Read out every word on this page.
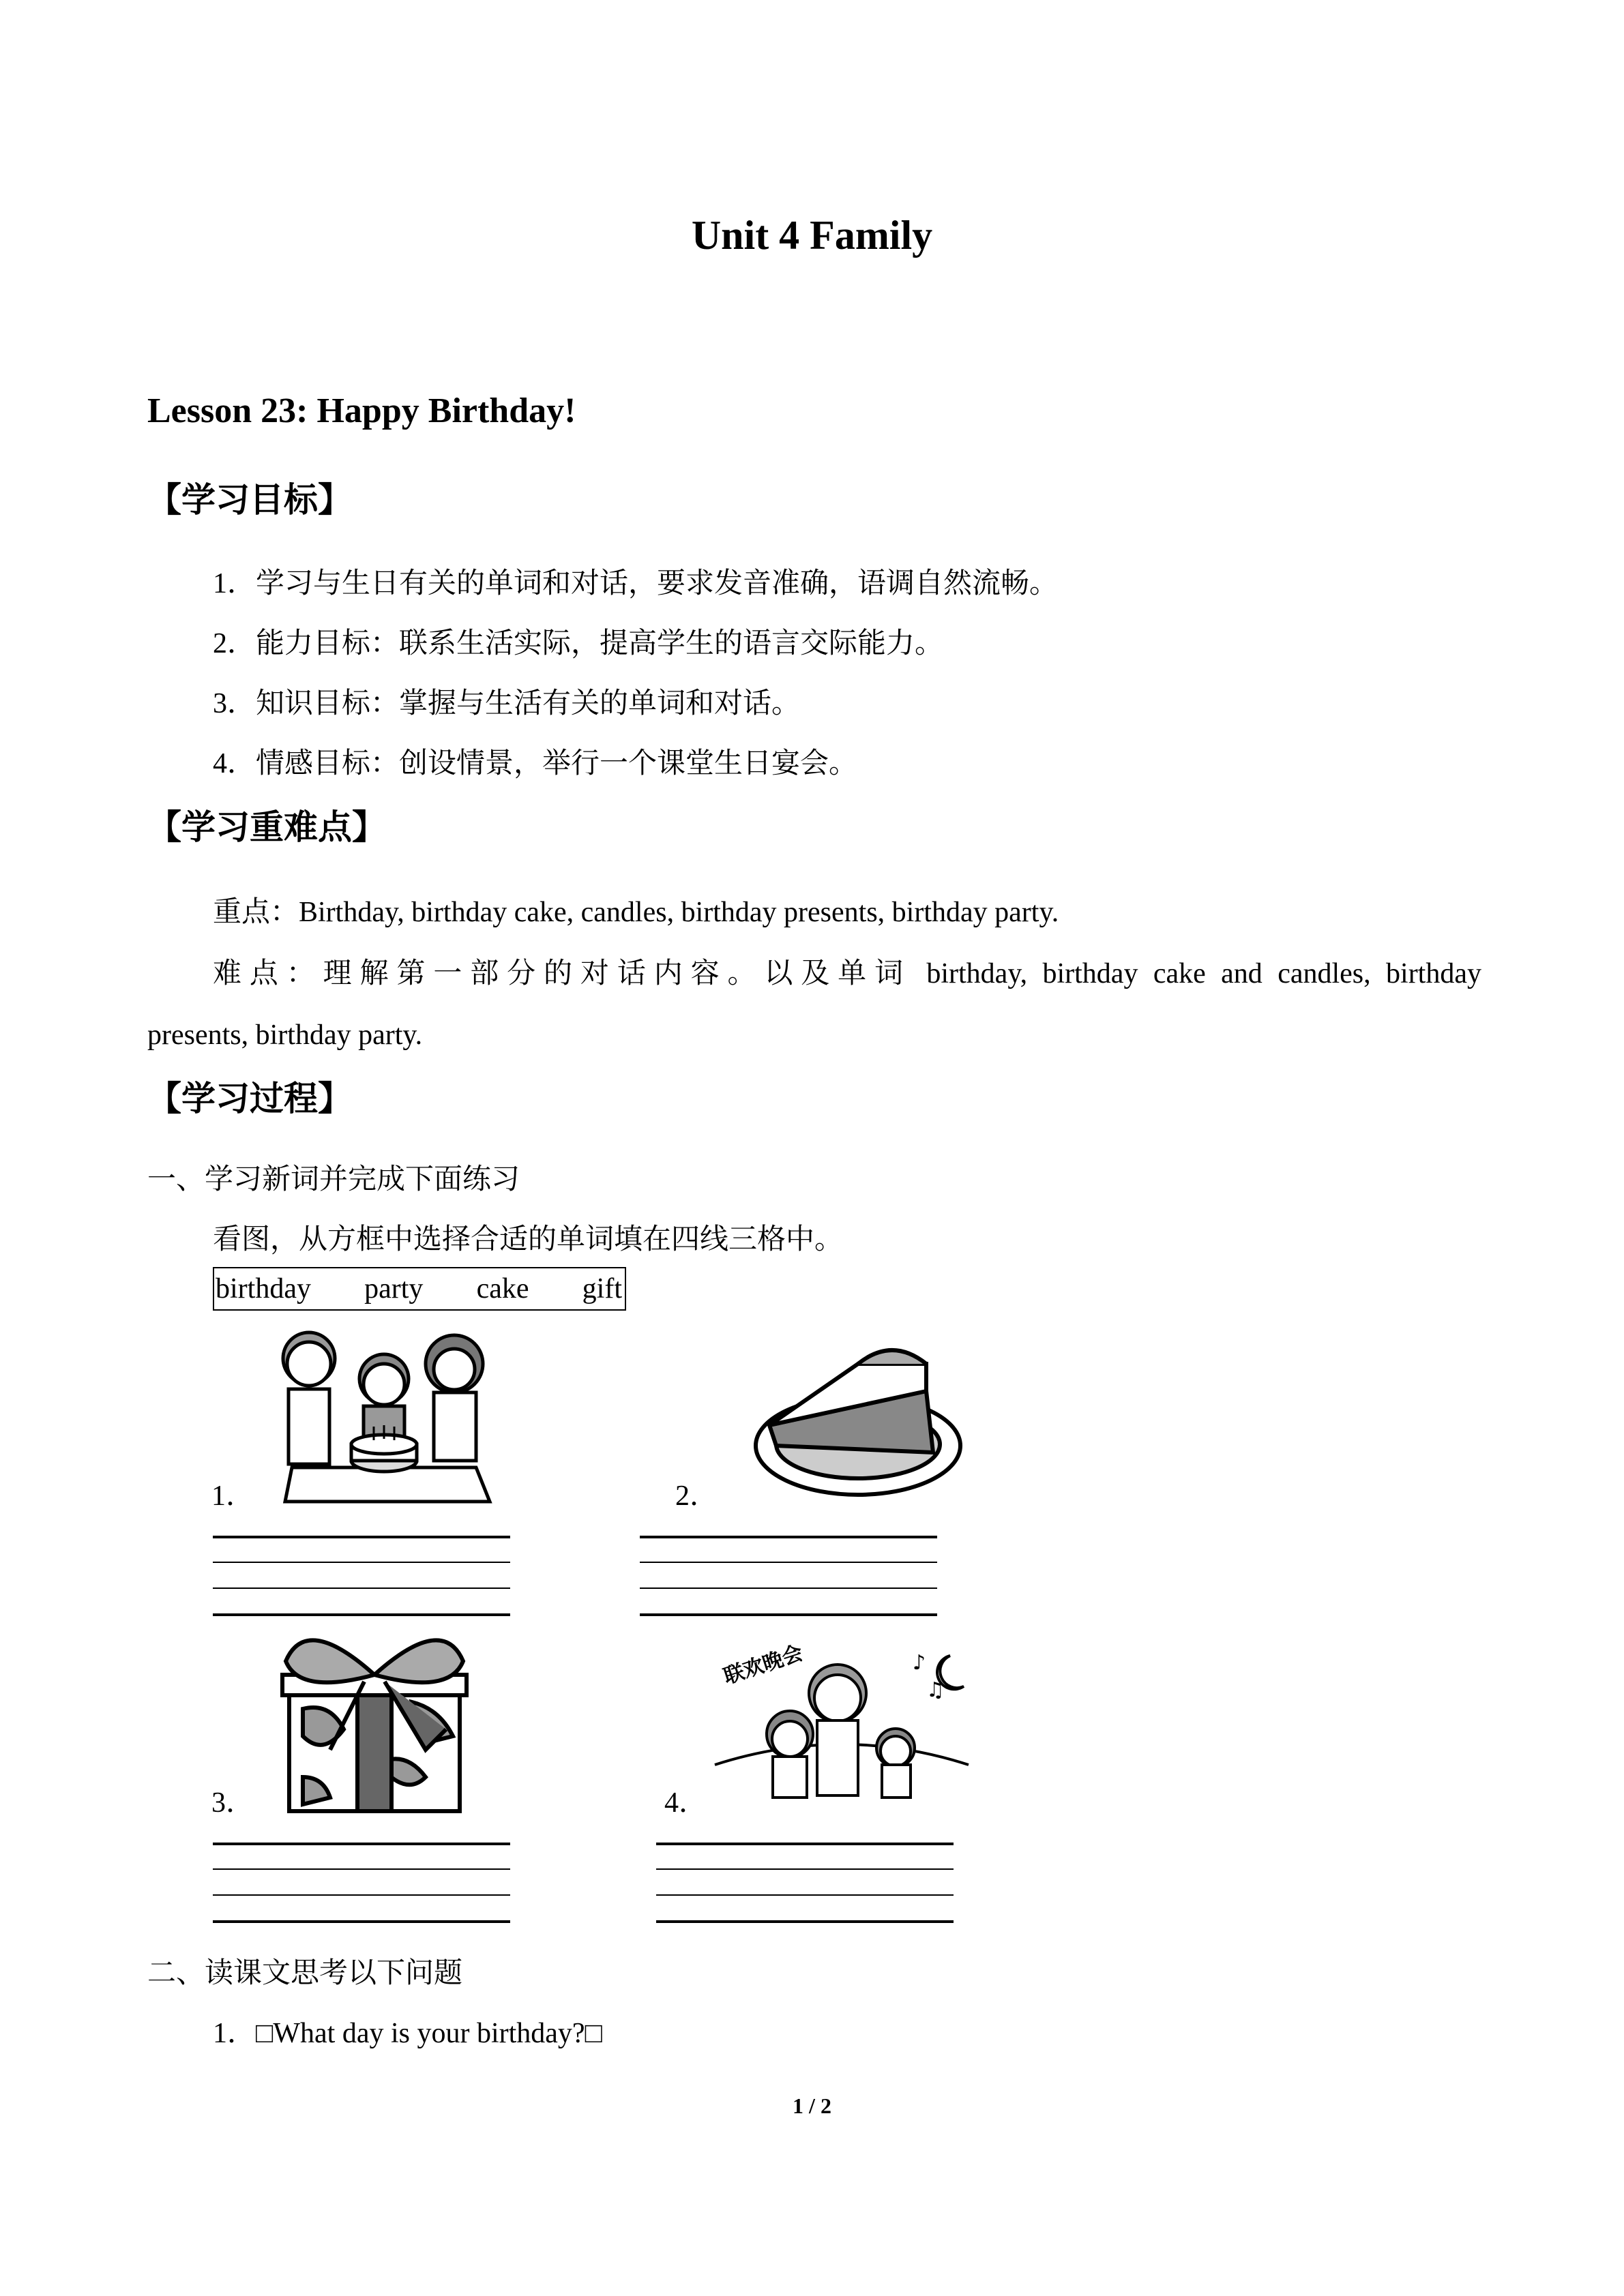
Unit 4 Family
Lesson 23: Happy Birthday!
【学习目标】
1．学习与生日有关的单词和对话，要求发音准确，语调自然流畅。
2．能力目标：联系生活实际，提高学生的语言交际能力。
3．知识目标：掌握与生活有关的单词和对话。
4．情感目标：创设情景，举行一个课堂生日宴会。
【学习重难点】
重点：Birthday, birthday cake, candles, birthday presents, birthday party.
难点：理解第一部分的对话内容。以及单词 birthday, birthday cake and candles, birthday
presents, birthday party.
【学习过程】
一、学习新词并完成下面练习
看图，从方框中选择合适的单词填在四线三格中。
birthday party cake gift
1．	2．
3．
联欢晚会	♪
♫
4．
二、读课文思考以下问题
1．□What day is your birthday?□
1 / 2
